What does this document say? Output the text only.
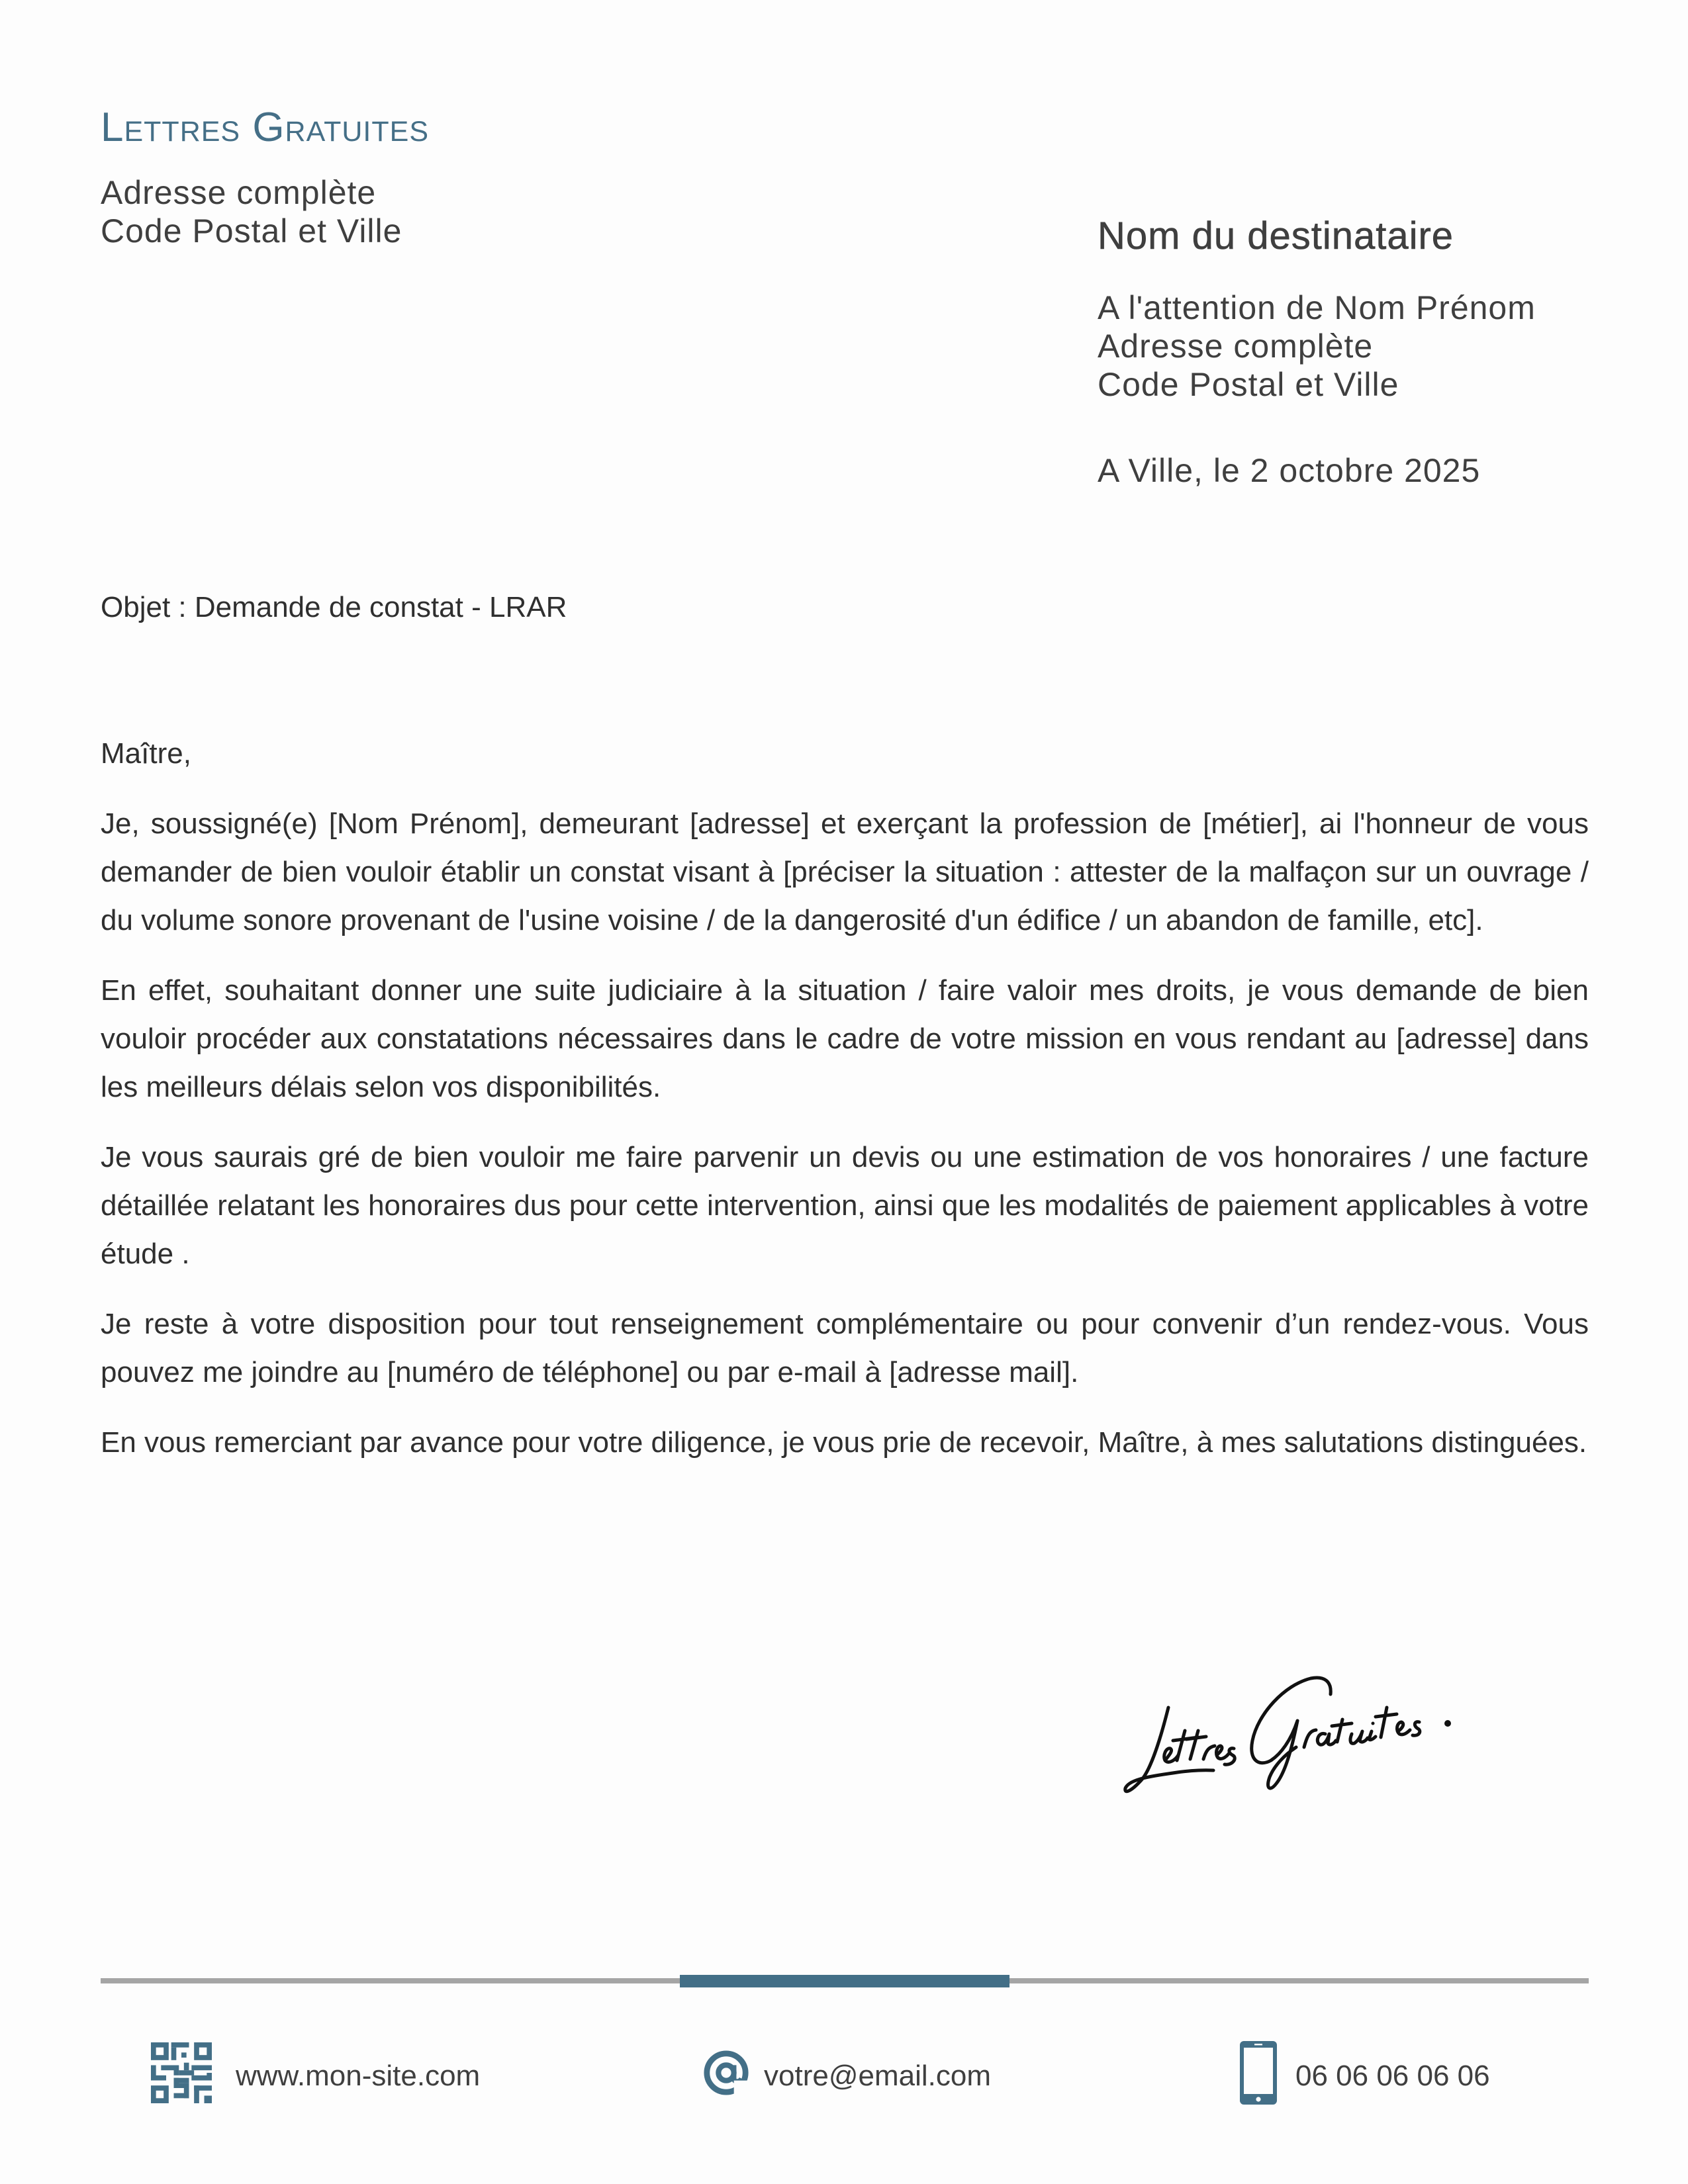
Lettres Gratuites
Adresse complète
Code Postal et Ville	Nom du destinataire
A l'attention de Nom Prénom
Adresse complète
Code Postal et Ville
A Ville, le 2 octobre 2025
Objet : Demande de constat - LRAR

Maître,

Je, soussigné(e) [Nom Prénom], demeurant [adresse] et exerçant la profession de [métier], ai l'honneur de vous demander de bien vouloir établir un constat visant à [préciser la situation : attester de la malfaçon sur un ouvrage / du volume sonore provenant de l'usine voisine / de la dangerosité d'un édifice / un abandon de famille, etc].

En effet, souhaitant donner une suite judiciaire à la situation / faire valoir mes droits, je vous demande de bien vouloir procéder aux constatations nécessaires dans le cadre de votre mission en vous rendant au [adresse] dans les meilleurs délais selon vos disponibilités.

Je vous saurais gré de bien vouloir me faire parvenir un devis ou une estimation de vos honoraires / une facture détaillée relatant les honoraires dus pour cette intervention, ainsi que les modalités de paiement applicables à votre étude .

Je reste à votre disposition pour tout renseignement complémentaire ou pour convenir d’un rendez-vous. Vous pouvez me joindre au [numéro de téléphone] ou par e-mail à [adresse mail].

En vous remerciant par avance pour votre diligence, je vous prie de recevoir, Maître, à mes salutations distinguées.

www.mon-site.com	votre@email.com	06 06 06 06 06
